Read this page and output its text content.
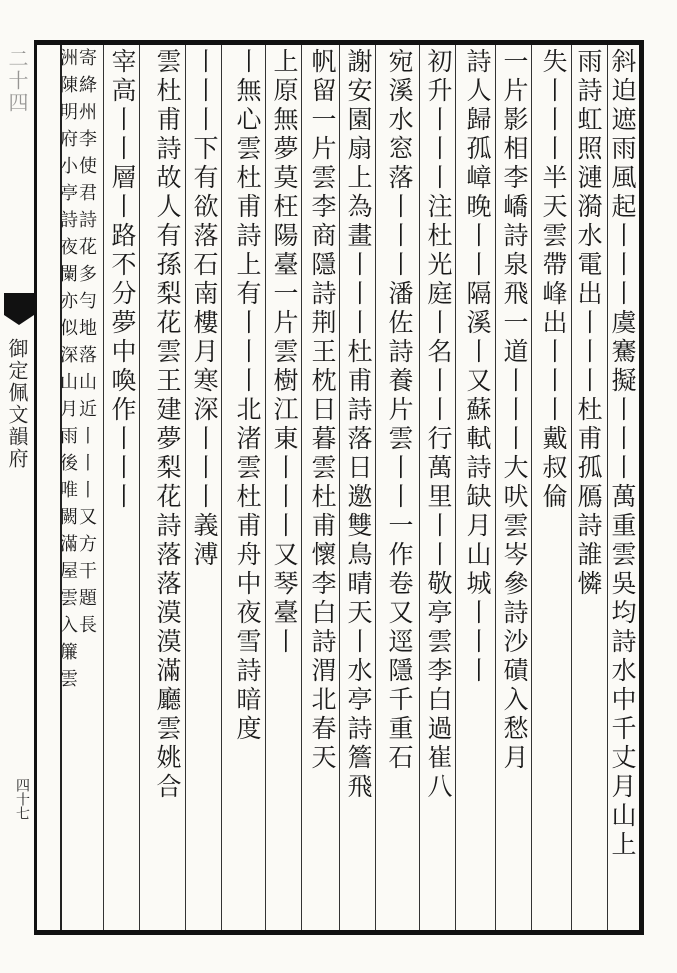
斜迫遮雨風起丨丨丨虞騫擬丨丨丨萬重雲吳均詩水中千丈月山上
雨詩虹照漣漪水電出丨丨丨杜甫孤鴈詩誰憐
失丨丨丨半天雲帶峰出丨丨丨戴叔倫
一片影相李嶠詩泉飛一道丨丨丨大吠雲岑參詩沙磧入愁月
詩人歸孤嶂晚丨丨隔溪丨又蘇軾詩缺月山城丨丨丨
初升丨丨丨注杜光庭丨名丨丨行萬里丨丨敬亭雲李白過崔八
宛溪水窓落丨丨丨潘佐詩養片雲丨丨一作卷又逕隱千重石
謝安園扇上為畫丨丨丨杜甫詩落日邀雙鳥晴天丨水亭詩簷飛
帆留一片雲李商隱詩荆王枕日暮雲杜甫懷李白詩渭北春天
上原無夢莫枉陽臺一片雲樹江東丨丨丨又琴臺丨
丨無心雲杜甫詩上有丨丨丨北渚雲杜甫舟中夜雪詩暗度
丨丨丨下有欲落石南樓月寒深丨丨丨義溥
雲杜甫詩故人有孫梨花雲王建夢梨花詩落落漠漠滿廳雲姚合
宰高丨丨層丨路不分夢中喚作丨丨丨
寄絳州李使君詩花多勻地落山近丨丨丨又方干題長
二十四
御定佩文韻府
四十七
洲陳明府小亭詩夜闌亦似深山月雨後唯闕滿屋雲入簾雲
